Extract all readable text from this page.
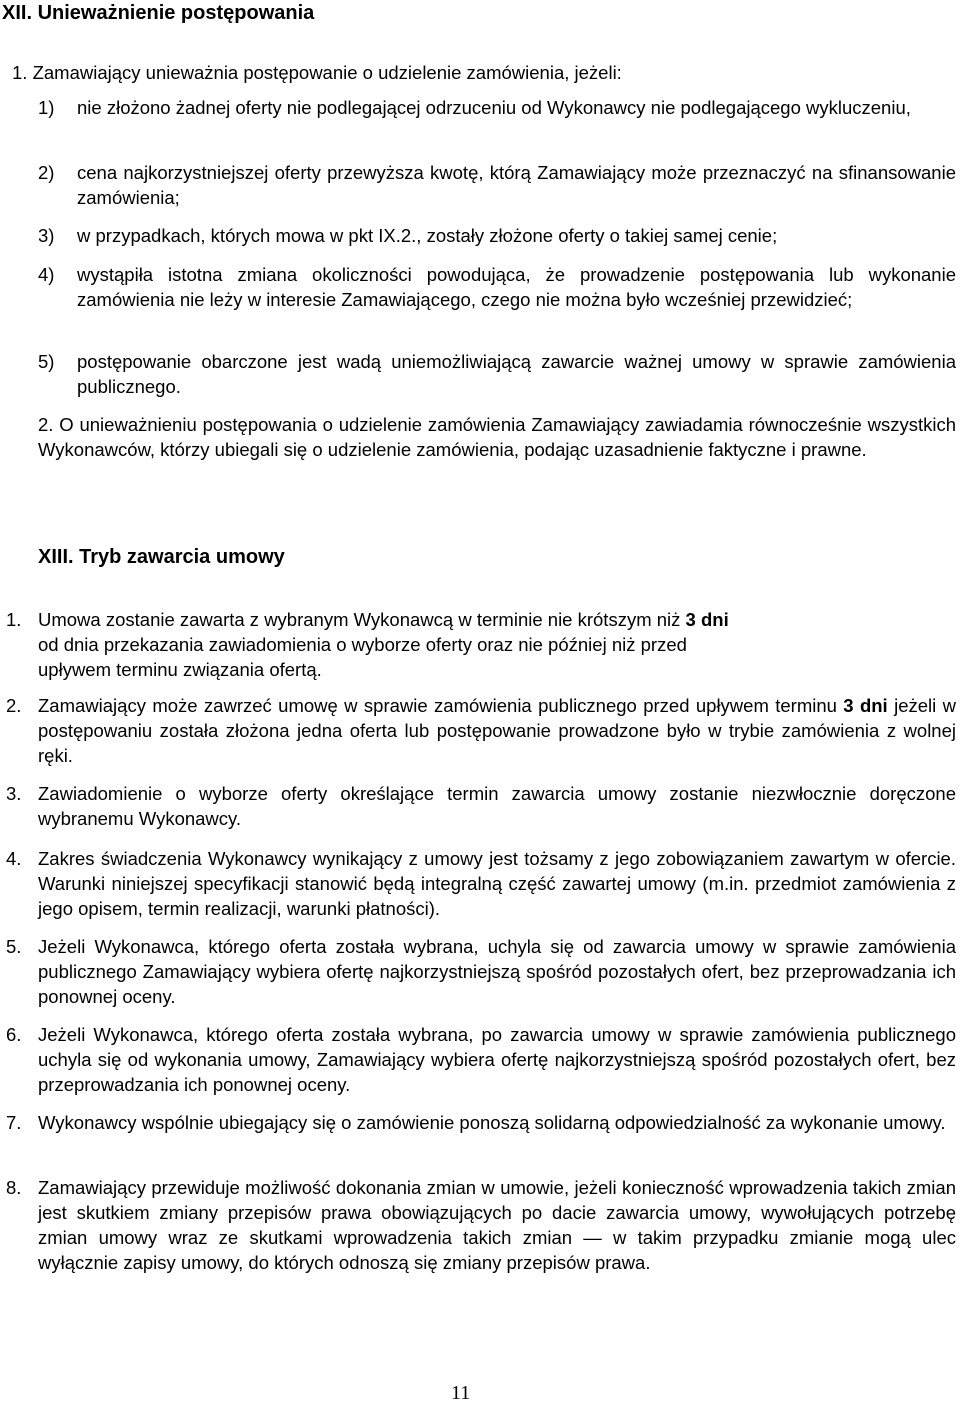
XII. Unieważnienie postępowania

1. Zamawiający unieważnia postępowanie o udzielenie zamówienia, jeżeli:

1) nie złożono żadnej oferty nie podlegającej odrzuceniu od Wykonawcy nie podlegającego wykluczeniu,

2) cena najkorzystniejszej oferty przewyższa kwotę, którą Zamawiający może przeznaczyć na sfinansowanie zamówienia;

3) w przypadkach, których mowa w pkt IX.2., zostały złożone oferty o takiej samej cenie;

4) wystąpiła istotna zmiana okoliczności powodująca, że prowadzenie postępowania lub wykonanie zamówienia nie leży w interesie Zamawiającego, czego nie można było wcześniej przewidzieć;

5) postępowanie obarczone jest wadą uniemożliwiającą zawarcie ważnej umowy w sprawie zamówienia publicznego.

2. O unieważnieniu postępowania o udzielenie zamówienia Zamawiający zawiadamia równocześnie wszystkich Wykonawców, którzy ubiegali się o udzielenie zamówienia, podając uzasadnienie faktyczne i prawne.

XIII. Tryb zawarcia umowy
1. Umowa zostanie zawarta z wybranym Wykonawcą w terminie nie krótszym niż 3 dni
od dnia przekazania zawiadomienia o wyborze oferty oraz nie później niż przed
upływem terminu związania ofertą.
2. Zamawiający może zawrzeć umowę w sprawie zamówienia publicznego przed upływem terminu 3 dni jeżeli w postępowaniu została złożona jedna oferta lub postępowanie prowadzone było w trybie zamówienia z wolnej ręki.

3. Zawiadomienie o wyborze oferty określające termin zawarcia umowy zostanie niezwłocznie doręczone wybranemu Wykonawcy.

4. Zakres świadczenia Wykonawcy wynikający z umowy jest tożsamy z jego zobowiązaniem zawartym w ofercie. Warunki niniejszej specyfikacji stanowić będą integralną część zawartej umowy (m.in. przedmiot zamówienia z jego opisem, termin realizacji, warunki płatności).

5. Jeżeli Wykonawca, którego oferta została wybrana, uchyla się od zawarcia umowy w sprawie zamówienia publicznego Zamawiający wybiera ofertę najkorzystniejszą spośród pozostałych ofert, bez przeprowadzania ich ponownej oceny.

6. Jeżeli Wykonawca, którego oferta została wybrana, po zawarcia umowy w sprawie zamówienia publicznego uchyla się od wykonania umowy, Zamawiający wybiera ofertę najkorzystniejszą spośród pozostałych ofert, bez przeprowadzania ich ponownej oceny.

7. Wykonawcy wspólnie ubiegający się o zamówienie ponoszą solidarną odpowiedzialność za wykonanie umowy.

8. Zamawiający przewiduje możliwość dokonania zmian w umowie, jeżeli konieczność wprowadzenia takich zmian jest skutkiem zmiany przepisów prawa obowiązujących po dacie zawarcia umowy, wywołujących potrzebę zmian umowy wraz ze skutkami wprowadzenia takich zmian — w takim przypadku zmianie mogą ulec wyłącznie zapisy umowy, do których odnoszą się zmiany przepisów prawa.

11
